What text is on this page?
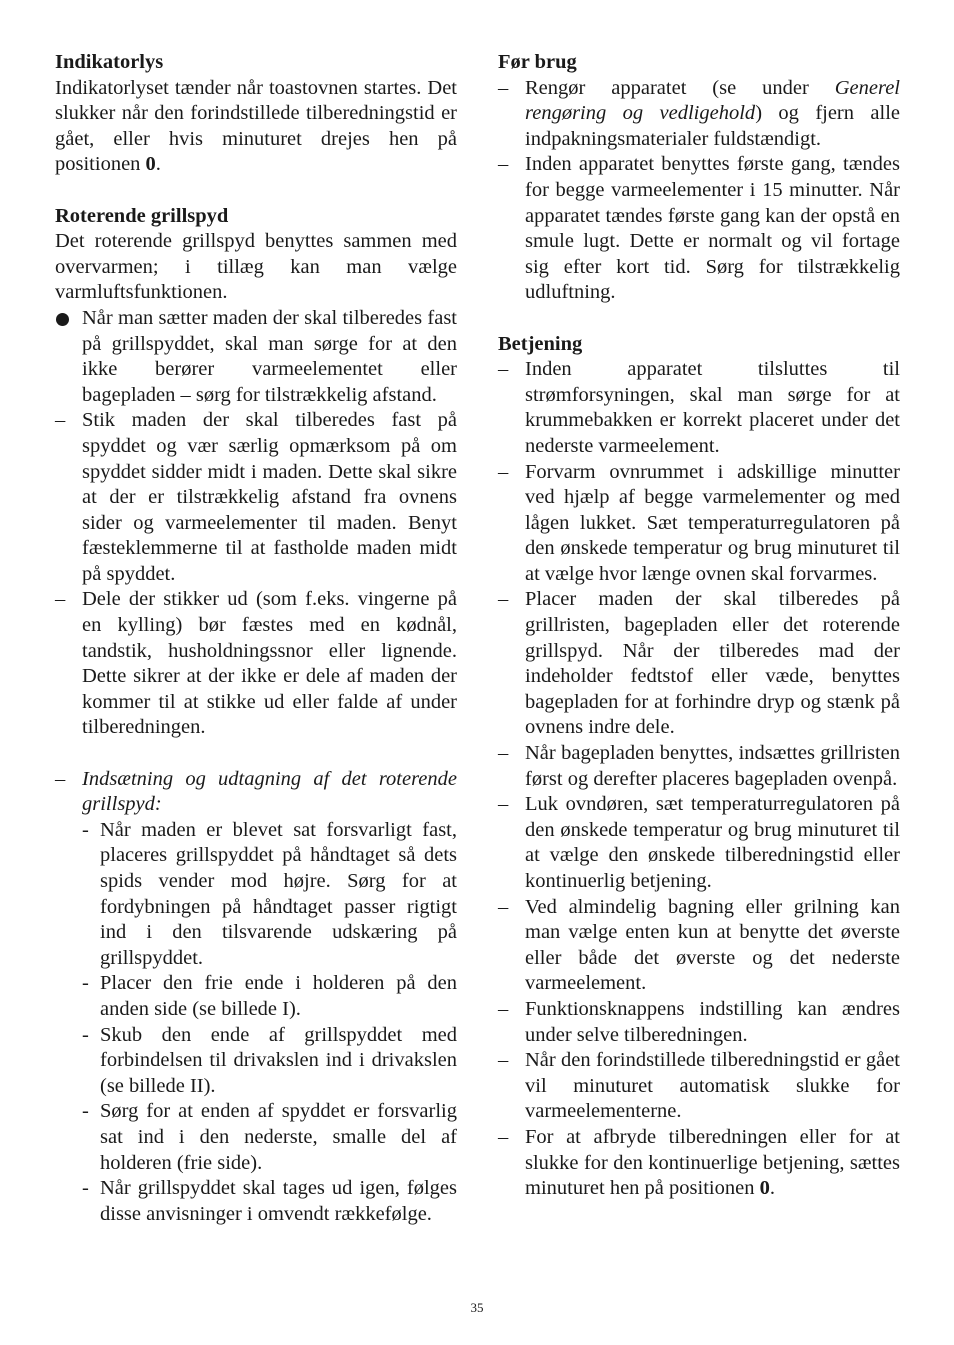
Indikatorlys

Indikatorlyset tænder når toastovnen startes. Det slukker når den forindstillede tilberedningstid er gået, eller hvis minuturet drejes hen på positionen 0.

Roterende grillspyd

Det roterende grillspyd benyttes sammen med overvarmen; i tillæg kan man vælge varmluftsfunktionen.

Når man sætter maden der skal tilberedes fast på grillspyddet, skal man sørge for at den ikke berører varmeelementet eller bagepladen – sørg for tilstrækkelig afstand.
– Stik maden der skal tilberedes fast på spyddet og vær særlig opmærksom på om spyddet sidder midt i maden. Dette skal sikre at der er tilstrækkelig afstand fra ovnens sider og varmeelementer til maden. Benyt fæsteklemmerne til at fastholde maden midt på spyddet.
– Dele der stikker ud (som f.eks. vingerne på en kylling) bør fæstes med en kødnål, tandstik, husholdningssnor eller lignende. Dette sikrer at der ikke er dele af maden der kommer til at stikke ud eller falde af under tilberedningen.
– Indsætning og udtagning af det roterende grillspyd:
- Når maden er blevet sat forsvarligt fast, placeres grillspyddet på håndtaget så dets spids vender mod højre. Sørg for at fordybningen på håndtaget passer rigtigt ind i den tilsvarende udskæring på grillspyddet.
- Placer den frie ende i holderen på den anden side (se billede I).
- Skub den ende af grillspyddet med forbindelsen til drivakslen ind i drivakslen (se billede II).
- Sørg for at enden af spyddet er forsvarlig sat ind i den nederste, smalle del af holderen (frie side).
- Når grillspyddet skal tages ud igen, følges disse anvisninger i omvendt rækkefølge.
Før brug
– Rengør apparatet (se under Generel rengøring og vedligehold) og fjern alle indpakningsmaterialer fuldstændigt.
– Inden apparatet benyttes første gang, tændes for begge varmeelementer i 15 minutter. Når apparatet tændes første gang kan der opstå en smule lugt. Dette er normalt og vil fortage sig efter kort tid. Sørg for tilstrækkelig udluftning.
Betjening
– Inden apparatet tilsluttes til strømforsyningen, skal man sørge for at krummebakken er korrekt placeret under det nederste varmeelement.
– Forvarm ovnrummet i adskillige minutter ved hjælp af begge varmelementer og med lågen lukket. Sæt temperaturregulatoren på den ønskede temperatur og brug minuturet til at vælge hvor længe ovnen skal forvarmes.
– Placer maden der skal tilberedes på grillristen, bagepladen eller det roterende grillspyd. Når der tilberedes mad der indeholder fedtstof eller væde, benyttes bagepladen for at forhindre dryp og stænk på ovnens indre dele.
– Når bagepladen benyttes, indsættes grillristen først og derefter placeres bagepladen ovenpå.
– Luk ovndøren, sæt temperaturregulatoren på den ønskede temperatur og brug minuturet til at vælge den ønskede tilberedningstid eller kontinuerlig betjening.
– Ved almindelig bagning eller grilning kan man vælge enten kun at benytte det øverste eller både det øverste og det nederste varmeelement.
– Funktionsknappens indstilling kan ændres under selve tilberedningen.
– Når den forindstillede tilberedningstid er gået vil minuturet automatisk slukke for varmeelementerne.
– For at afbryde tilberedningen eller for at slukke for den kontinuerlige betjening, sættes minuturet hen på positionen 0.
35
